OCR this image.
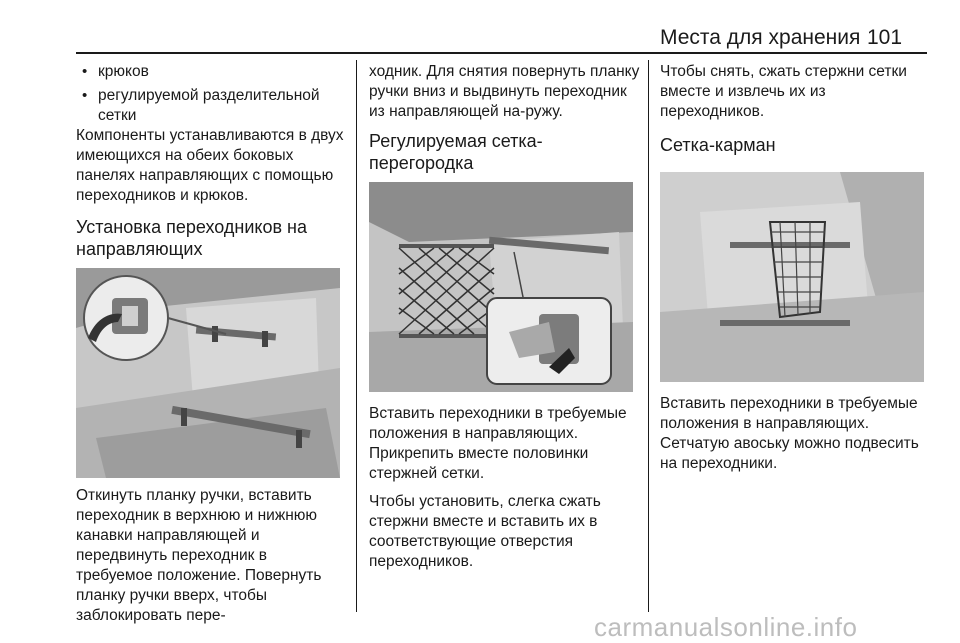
Места для хранения 101
• крюков
• регулируемой разделительной сетки

Компоненты устанавливаются в двух имеющихся на обеих боковых панелях направляющих с помощью переходников и крюков.

Установка переходников на направляющих

Откинуть планку ручки, вставить переходник в верхнюю и нижнюю канавки направляющей и передвинуть переходник в требуемое положение. Повернуть планку ручки вверх, чтобы заблокировать пере-

ходник. Для снятия повернуть планку ручки вниз и выдвинуть переходник из направляющей на-ружу.

Регулируемая сетка-перегородка

Вставить переходники в требуемые положения в направляющих. Прикрепить вместе половинки стержней сетки.

Чтобы установить, слегка сжать стержни вместе и вставить их в соответствующие отверстия переходников.

Чтобы снять, сжать стержни сетки вместе и извлечь их из переходников.

Сетка-карман

Вставить переходники в требуемые положения в направляющих. Сетчатую авоську можно подвесить на переходники.

carmanualsonline.info
